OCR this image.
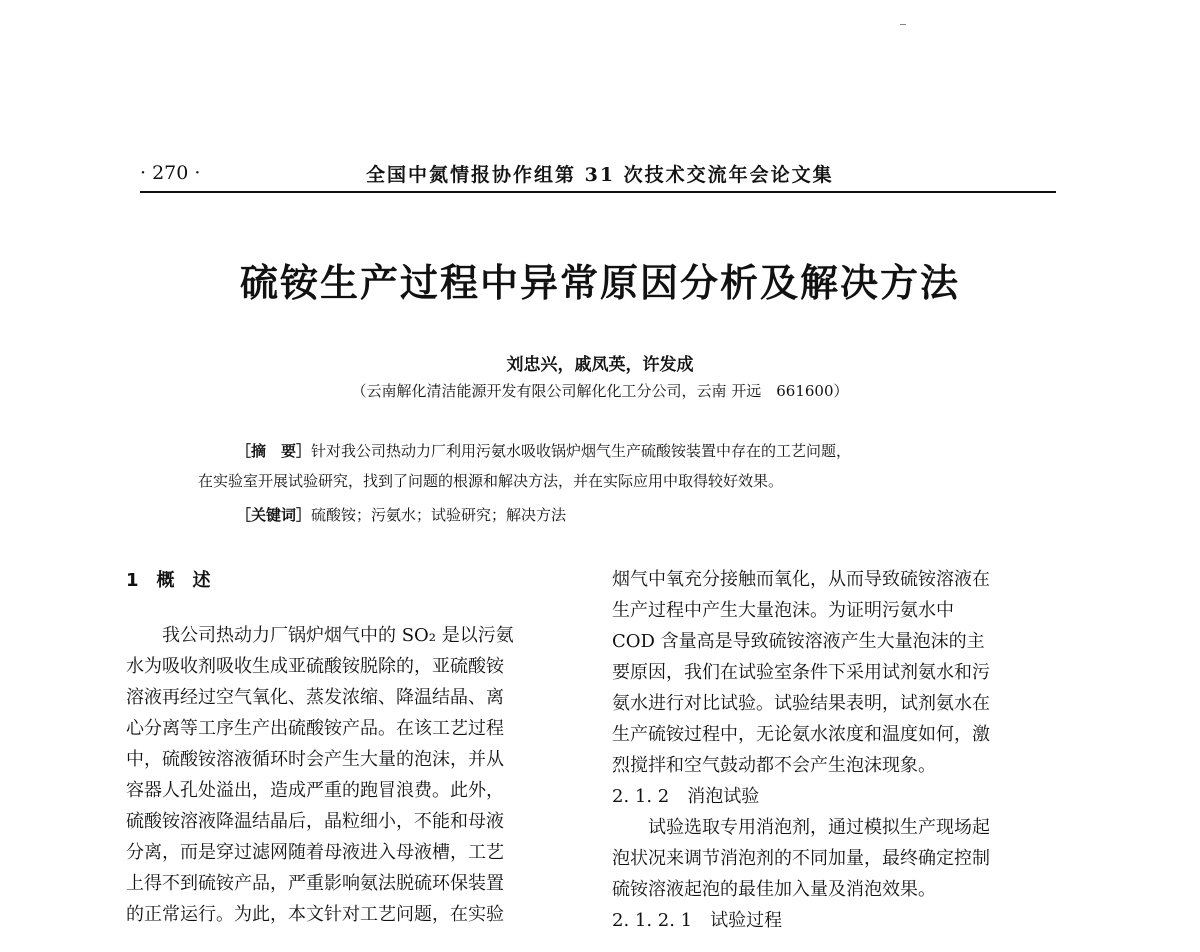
· 270 ·	全国中氮情报协作组第 31 次技术交流年会论文集
硫铵生产过程中异常原因分析及解决方法
刘忠兴，戚凤英，许发成
（云南解化清洁能源开发有限公司解化化工分公司，云南 开远　661600）
［摘　要］针对我公司热动力厂利用污氨水吸收锅炉烟气生产硫酸铵装置中存在的工艺问题，
在实验室开展试验研究，找到了问题的根源和解决方法，并在实际应用中取得较好效果。
［关键词］硫酸铵；污氨水；试验研究；解决方法

1　概　述

　　我公司热动力厂锅炉烟气中的 SO₂ 是以污氨

水为吸收剂吸收生成亚硫酸铵脱除的，亚硫酸铵

溶液再经过空气氧化、蒸发浓缩、降温结晶、离

心分离等工序生产出硫酸铵产品。在该工艺过程

中，硫酸铵溶液循环时会产生大量的泡沫，并从

容器人孔处溢出，造成严重的跑冒浪费。此外，

硫酸铵溶液降温结晶后，晶粒细小，不能和母液

分离，而是穿过滤网随着母液进入母液槽，工艺

上得不到硫铵产品，严重影响氨法脱硫环保装置

的正常运行。为此，本文针对工艺问题，在实验

烟气中氧充分接触而氧化，从而导致硫铵溶液在

生产过程中产生大量泡沫。为证明污氨水中

COD 含量高是导致硫铵溶液产生大量泡沫的主

要原因，我们在试验室条件下采用试剂氨水和污

氨水进行对比试验。试验结果表明，试剂氨水在

生产硫铵过程中，无论氨水浓度和温度如何，激

烈搅拌和空气鼓动都不会产生泡沫现象。

2. 1. 2　消泡试验

　　试验选取专用消泡剂，通过模拟生产现场起

泡状况来调节消泡剂的不同加量，最终确定控制

硫铵溶液起泡的最佳加入量及消泡效果。

2. 1. 2. 1　试验过程
